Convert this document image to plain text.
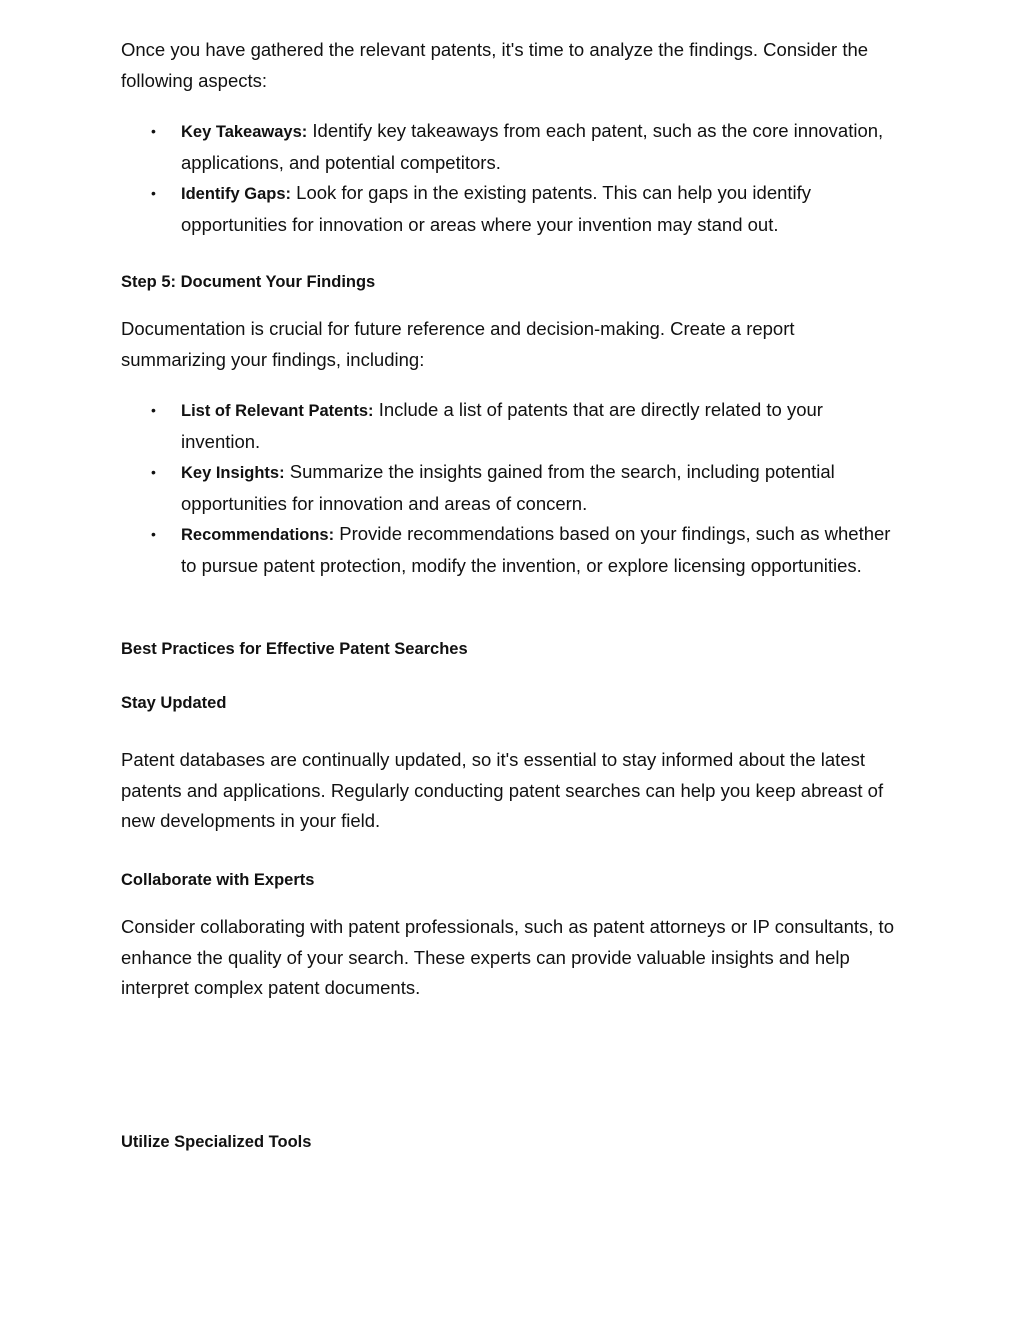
Once you have gathered the relevant patents, it's time to analyze the findings. Consider the following aspects:

• Key Takeaways: Identify key takeaways from each patent, such as the core innovation, applications, and potential competitors.
• Identify Gaps: Look for gaps in the existing patents. This can help you identify opportunities for innovation or areas where your invention may stand out.
Step 5: Document Your Findings

Documentation is crucial for future reference and decision-making. Create a report summarizing your findings, including:

• List of Relevant Patents: Include a list of patents that are directly related to your invention.
• Key Insights: Summarize the insights gained from the search, including potential opportunities for innovation and areas of concern.
• Recommendations: Provide recommendations based on your findings, such as whether to pursue patent protection, modify the invention, or explore licensing opportunities.
Best Practices for Effective Patent Searches
Stay Updated

Patent databases are continually updated, so it's essential to stay informed about the latest patents and applications. Regularly conducting patent searches can help you keep abreast of new developments in your field.

Collaborate with Experts

Consider collaborating with patent professionals, such as patent attorneys or IP consultants, to enhance the quality of your search. These experts can provide valuable insights and help interpret complex patent documents.

Utilize Specialized Tools
